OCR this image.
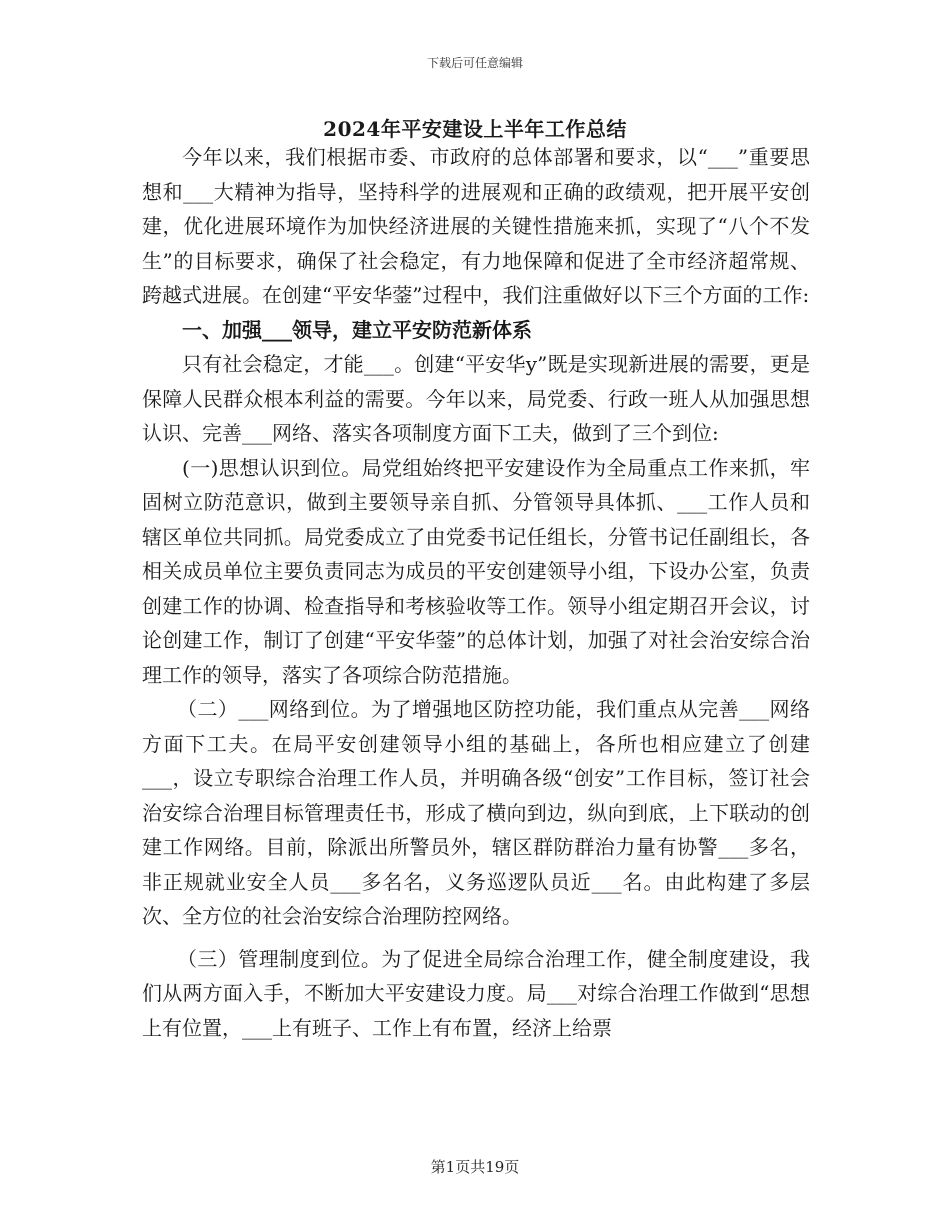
下载后可任意编辑
2024年平安建设上半年工作总结

今年以来，我们根据市委、市政府的总体部署和要求，以“___”重要思想和___大精神为指导，坚持科学的进展观和正确的政绩观，把开展平安创建，优化进展环境作为加快经济进展的关键性措施来抓，实现了“八个不发生”的目标要求，确保了社会稳定，有力地保障和促进了全市经济超常规、跨越式进展。在创建“平安华蓥”过程中，我们注重做好以下三个方面的工作:

一、加强___领导，建立平安防范新体系

只有社会稳定，才能___。创建“平安华y”既是实现新进展的需要，更是保障人民群众根本利益的需要。今年以来，局党委、行政一班人从加强思想认识、完善___网络、落实各项制度方面下工夫，做到了三个到位:

(一)思想认识到位。局党组始终把平安建设作为全局重点工作来抓，牢固树立防范意识，做到主要领导亲自抓、分管领导具体抓、___工作人员和辖区单位共同抓。局党委成立了由党委书记任组长，分管书记任副组长，各相关成员单位主要负责同志为成员的平安创建领导小组，下设办公室，负责创建工作的协调、检查指导和考核验收等工作。领导小组定期召开会议，讨论创建工作，制订了创建“平安华蓥”的总体计划，加强了对社会治安综合治理工作的领导，落实了各项综合防范措施。

（二）___网络到位。为了增强地区防控功能，我们重点从完善___网络方面下工夫。在局平安创建领导小组的基础上，各所也相应建立了创建___，设立专职综合治理工作人员，并明确各级“创安”工作目标，签订社会治安综合治理目标管理责任书，形成了横向到边，纵向到底，上下联动的创建工作网络。目前，除派出所警员外，辖区群防群治力量有协警___多名，非正规就业安全人员___多名名，义务巡逻队员近___名。由此构建了多层次、全方位的社会治安综合治理防控网络。

（三）管理制度到位。为了促进全局综合治理工作，健全制度建设，我们从两方面入手，不断加大平安建设力度。局___对综合治理工作做到“思想上有位置，___上有班子、工作上有布置，经济上给票

第1页共19页
